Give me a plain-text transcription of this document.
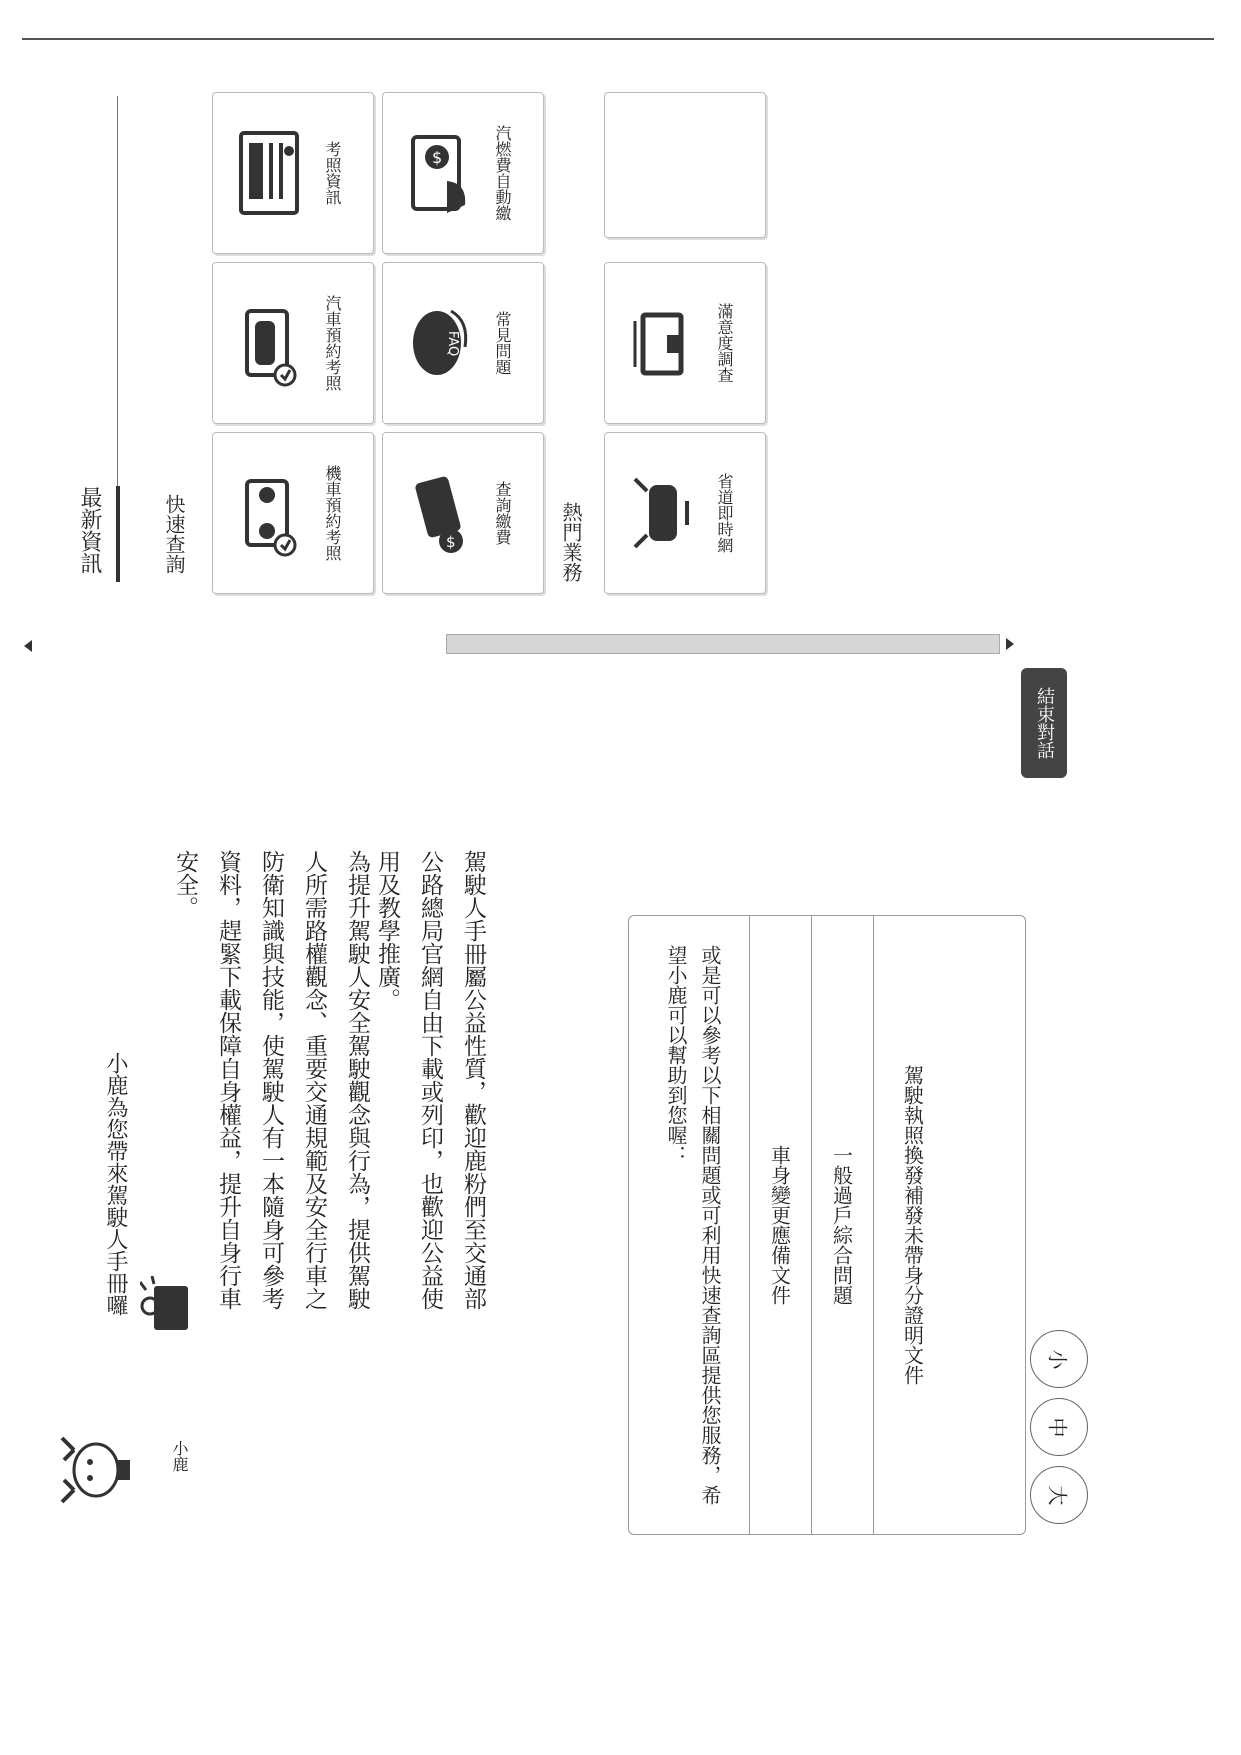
最新資訊	快速查詢	熱門業務
考照資訊	$	汽燃費自動繳
汽車預約考照	FAQ 常見問題	滿意度調查
機車預約考照	$ 查詢繳費	省道即時網
結束對話
小鹿
小鹿為您帶來駕駛人手冊囉	為提升駕駛人安全駕駛觀念與行為，提供駕駛人所需路權觀念、重要交通規範及安全行車之防衛知識與技能，使駕駛人有一本隨身可參考資料，趕緊下載保障自身權益，提升自身行車安全。	駕駛人手冊屬公益性質，歡迎鹿粉們至交通部公路總局官網自由下載或列印，也歡迎公益使用及教學推廣。
或是可以參考以下相關問題或可利用快速查詢區提供您服務，希望小鹿可以幫助到您喔：
車身變更應備文件 一般過戶綜合問題 駕駛執照換發補發未帶身分證明文件
大
中
小
